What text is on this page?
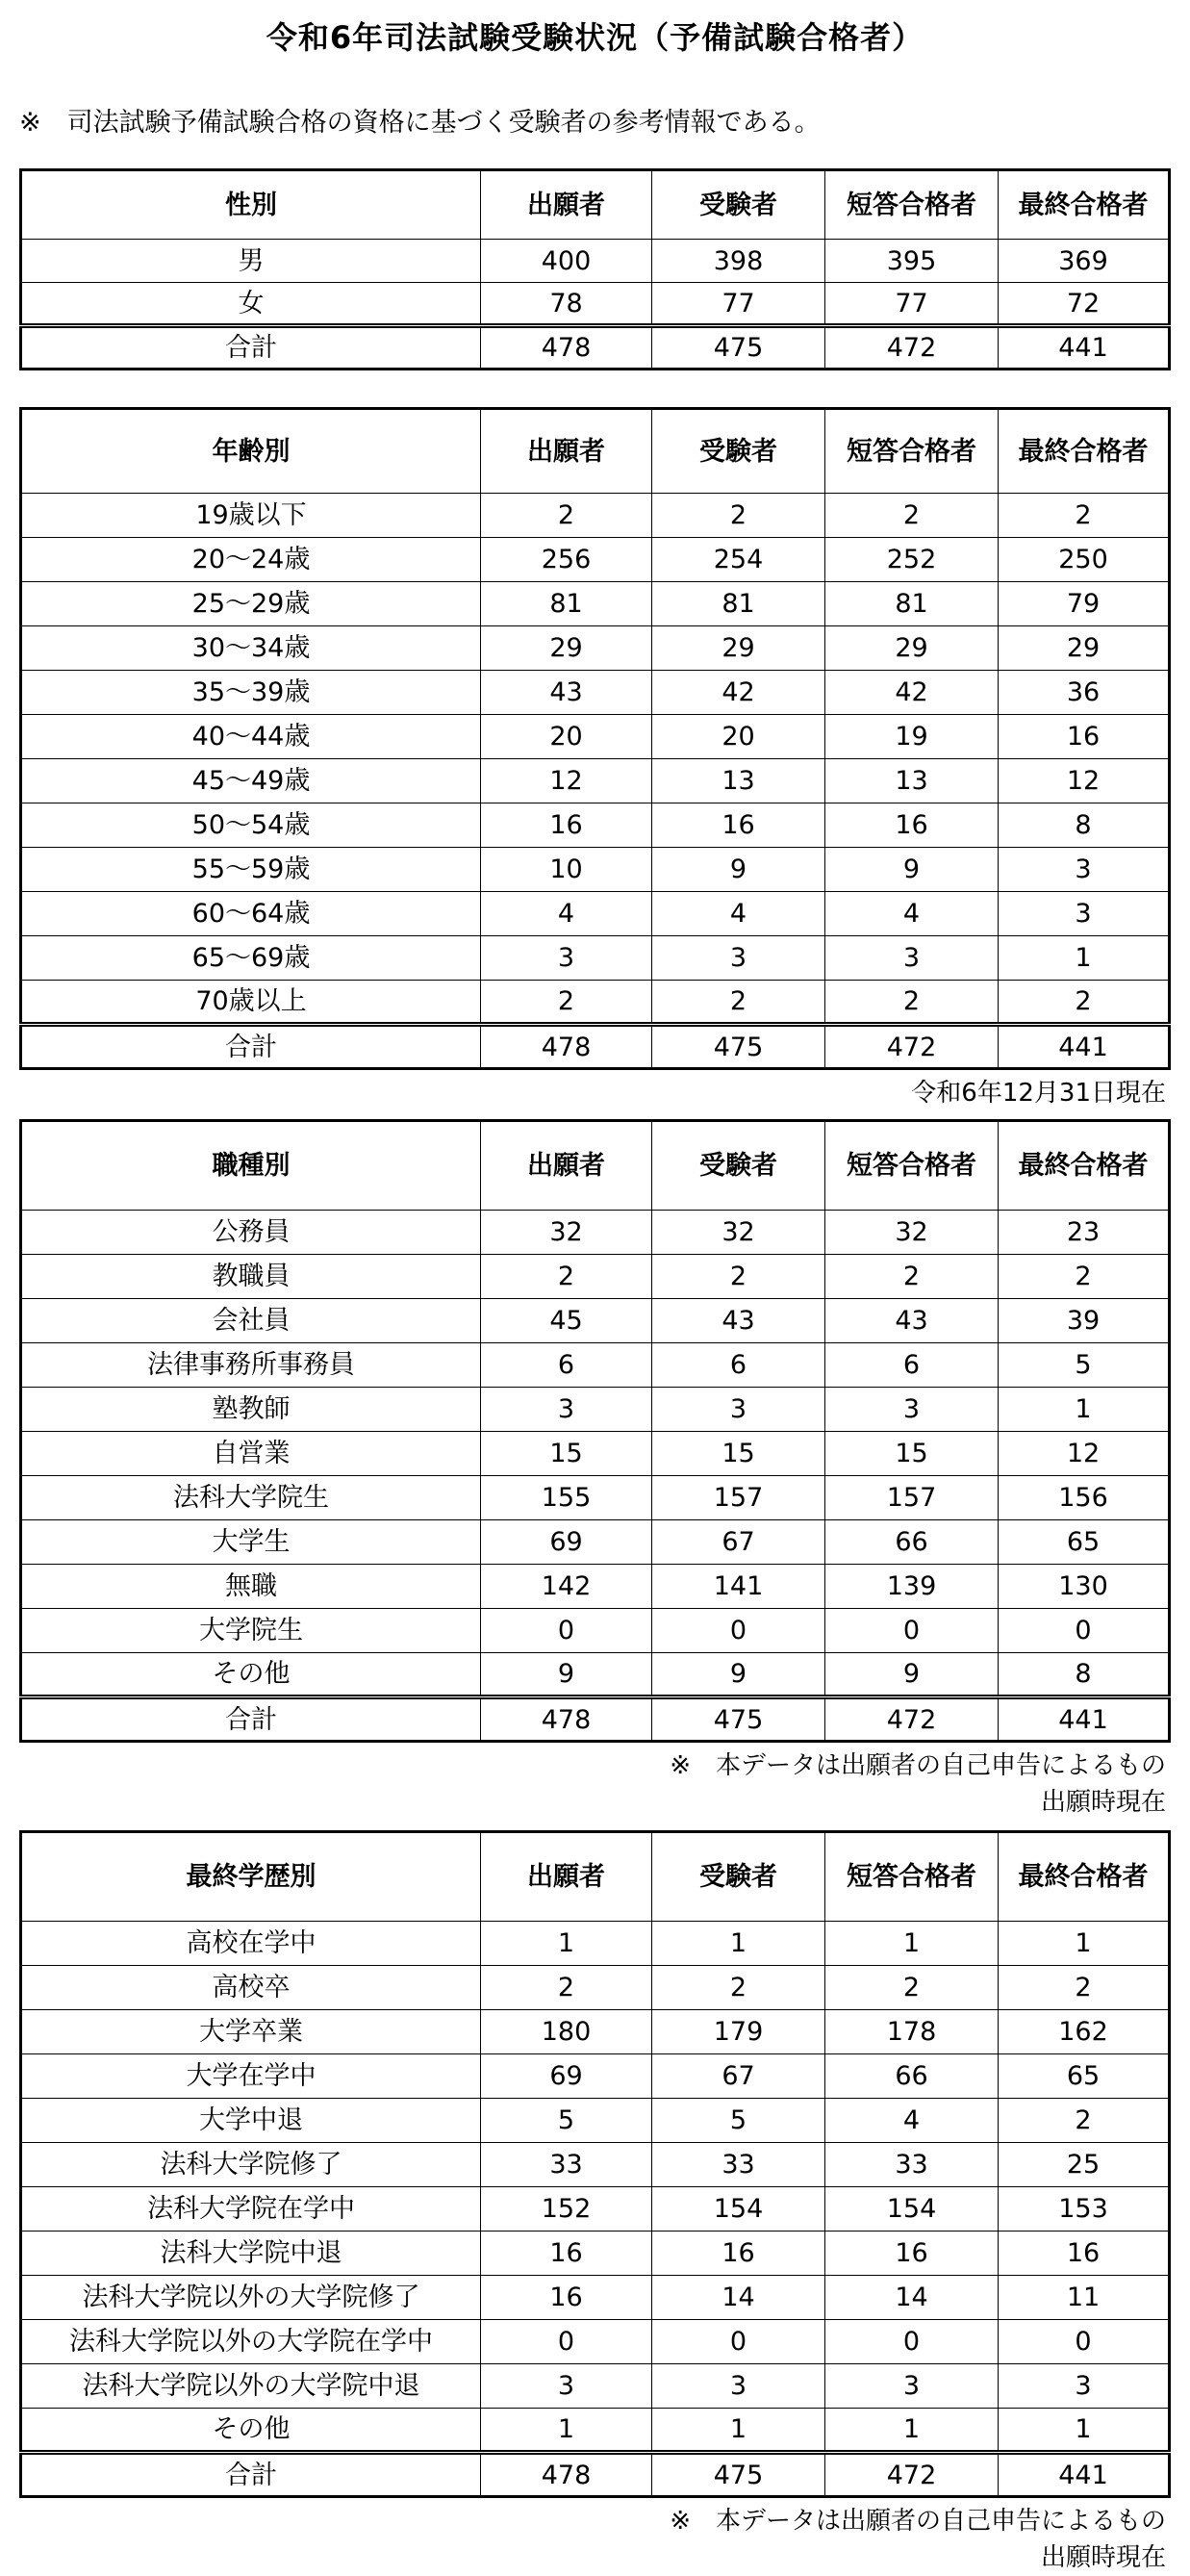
令和6年司法試験受験状況（予備試験合格者）
※　司法試験予備試験合格の資格に基づく受験者の参考情報である。
性別	出願者	受験者	短答合格者	最終合格者
男	400	398	395	369
女	78	77	77	72
合計	478	475	472	441
年齢別	出願者	受験者	短答合格者	最終合格者
19歳以下	2	2	2	2
20～24歳	256	254	252	250
25～29歳	81	81	81	79
30～34歳	29	29	29	29
35～39歳	43	42	42	36
40～44歳	20	20	19	16
45～49歳	12	13	13	12
50～54歳	16	16	16	8
55～59歳	10	9	9	3
60～64歳	4	4	4	3
65～69歳	3	3	3	1
70歳以上	2	2	2	2
合計	478	475	472	441
令和6年12月31日現在
職種別	出願者	受験者	短答合格者	最終合格者
公務員	32	32	32	23
教職員	2	2	2	2
会社員	45	43	43	39
法律事務所事務員	6	6	6	5
塾教師	3	3	3	1
自営業	15	15	15	12
法科大学院生	155	157	157	156
大学生	69	67	66	65
無職	142	141	139	130
大学院生	0	0	0	0
その他	9	9	9	8
合計	478	475	472	441
※　本データは出願者の自己申告によるもの
出願時現在
最終学歴別	出願者	受験者	短答合格者	最終合格者
高校在学中	1	1	1	1
高校卒	2	2	2	2
大学卒業	180	179	178	162
大学在学中	69	67	66	65
大学中退	5	5	4	2
法科大学院修了	33	33	33	25
法科大学院在学中	152	154	154	153
法科大学院中退	16	16	16	16
法科大学院以外の大学院修了	16	14	14	11
法科大学院以外の大学院在学中	0	0	0	0
法科大学院以外の大学院中退	3	3	3	3
その他	1	1	1	1
合計	478	475	472	441
※　本データは出願者の自己申告によるもの
出願時現在
